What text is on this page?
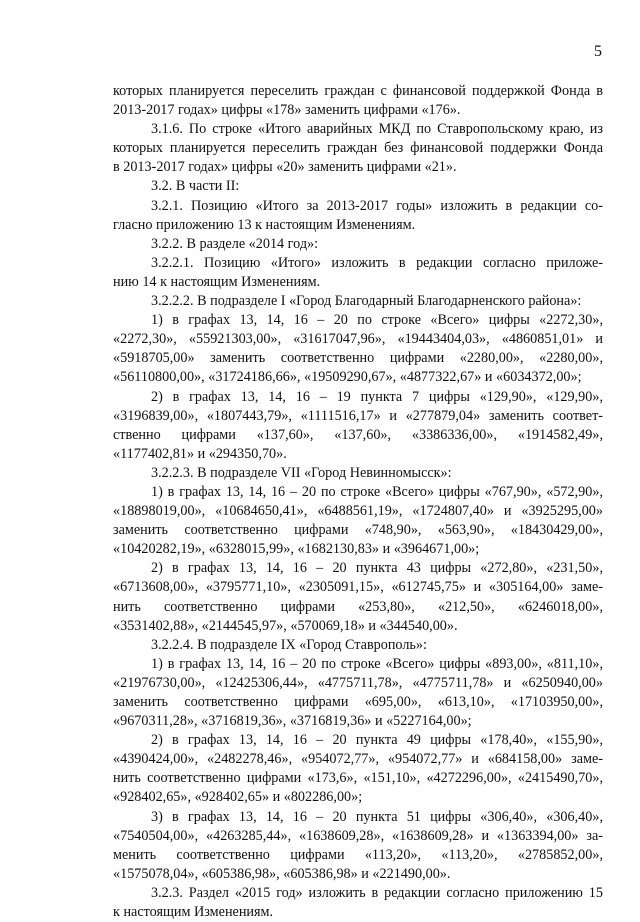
5
которых планируется переселить граждан с финансовой поддержкой Фонда в
2013-2017 годах» цифры «178» заменить цифрами «176».
3.1.6. По строке «Итого аварийных МКД по Ставропольскому краю, из
которых планируется переселить граждан без финансовой поддержки Фонда
в 2013-2017 годах» цифры «20» заменить цифрами «21».
3.2. В части II:
3.2.1. Позицию «Итого за 2013-2017 годы» изложить в редакции со-
гласно приложению 13 к настоящим Изменениям.
3.2.2. В разделе «2014 год»:
3.2.2.1. Позицию «Итого» изложить в редакции согласно приложе-
нию 14 к настоящим Изменениям.
3.2.2.2. В подразделе I «Город Благодарный Благодарненского района»:
1) в графах 13, 14, 16 – 20 по строке «Всего» цифры «2272,30»,
«2272,30», «55921303,00», «31617047,96», «19443404,03», «4860851,01» и
«5918705,00» заменить соответственно цифрами «2280,00», «2280,00»,
«56110800,00», «31724186,66», «19509290,67», «4877322,67» и «6034372,00»;
2) в графах 13, 14, 16 – 19 пункта 7 цифры «129,90», «129,90»,
«3196839,00», «1807443,79», «1111516,17» и «277879,04» заменить соответ-
ственно цифрами «137,60», «137,60», «3386336,00», «1914582,49»,
«1177402,81» и «294350,70».
3.2.2.3. В подразделе VII «Город Невинномысск»:
1) в графах 13, 14, 16 – 20 по строке «Всего» цифры «767,90», «572,90»,
«18898019,00», «10684650,41», «6488561,19», «1724807,40» и «3925295,00»
заменить соответственно цифрами «748,90», «563,90», «18430429,00»,
«10420282,19», «6328015,99», «1682130,83» и «3964671,00»;
2) в графах 13, 14, 16 – 20 пункта 43 цифры «272,80», «231,50»,
«6713608,00», «3795771,10», «2305091,15», «612745,75» и «305164,00» заме-
нить соответственно цифрами «253,80», «212,50», «6246018,00»,
«3531402,88», «2144545,97», «570069,18» и «344540,00».
3.2.2.4. В подразделе IX «Город Ставрополь»:
1) в графах 13, 14, 16 – 20 по строке «Всего» цифры «893,00», «811,10»,
«21976730,00», «12425306,44», «4775711,78», «4775711,78» и «6250940,00»
заменить соответственно цифрами «695,00», «613,10», «17103950,00»,
«9670311,28», «3716819,36», «3716819,36» и «5227164,00»;
2) в графах 13, 14, 16 – 20 пункта 49 цифры «178,40», «155,90»,
«4390424,00», «2482278,46», «954072,77», «954072,77» и «684158,00» заме-
нить соответственно цифрами «173,6», «151,10», «4272296,00», «2415490,70»,
«928402,65», «928402,65» и «802286,00»;
3) в графах 13, 14, 16 – 20 пункта 51 цифры «306,40», «306,40»,
«7540504,00», «4263285,44», «1638609,28», «1638609,28» и «1363394,00» за-
менить соответственно цифрами «113,20», «113,20», «2785852,00»,
«1575078,04», «605386,98», «605386,98» и «221490,00».
3.2.3. Раздел «2015 год» изложить в редакции согласно приложению 15
к настоящим Изменениям.
